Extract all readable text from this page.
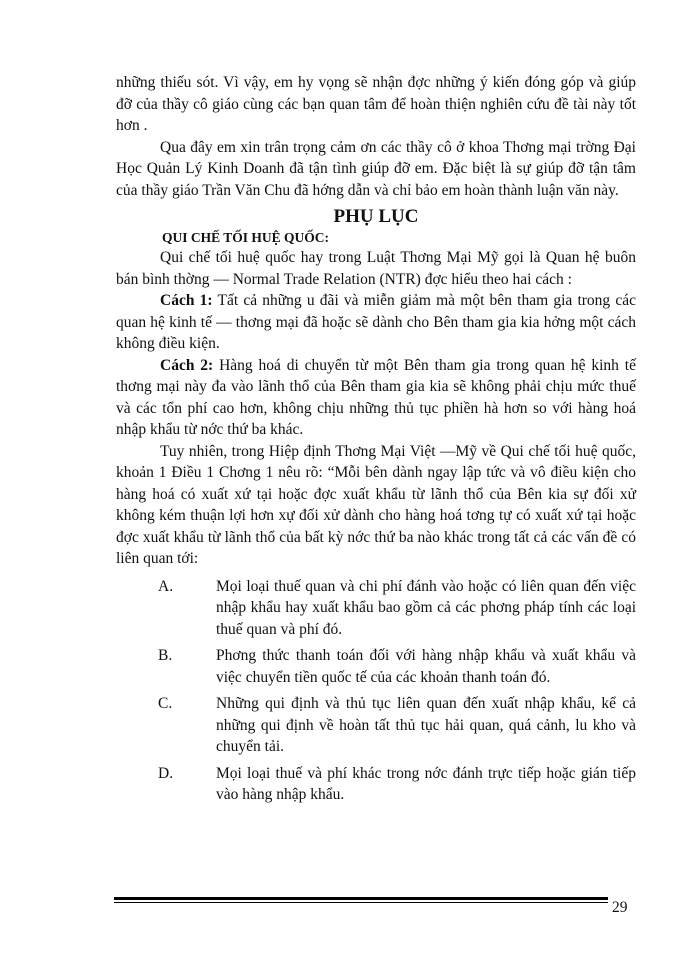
những thiếu sót. Vì vậy, em hy vọng sẽ nhận đợc những ý kiến đóng góp và giúp đỡ của thầy cô giáo cùng các bạn quan tâm để hoàn thiện nghiên cứu đề tài này tốt hơn .

Qua đây em xin trân trọng cảm ơn các thầy cô ở khoa Thơng mại trờng Đại Học Quản Lý Kinh Doanh đã tận tình giúp đỡ em. Đặc biệt là sự giúp đỡ tận tâm của thầy giáo Trần Văn Chu đã hớng dẫn và chỉ bảo em hoàn thành luận văn này.

PHỤ LỤC

QUI CHẾ TỐI HUỆ QUỐC:

Qui chế tối huệ quốc hay trong Luật Thơng Mại Mỹ gọi là Quan hệ buôn bán bình thờng — Normal Trade Relation (NTR) đợc hiểu theo hai cách :

Cách 1: Tất cả những u đãi và miễn giảm mà một bên tham gia trong các quan hệ kinh tế — thơng mại đã hoặc sẽ dành cho Bên tham gia kia hởng một cách không điều kiện.

Cách 2: Hàng hoá di chuyển từ một Bên tham gia trong quan hệ kinh tế thơng mại này đa vào lãnh thổ của Bên tham gia kia sẽ không phải chịu mức thuế và các tổn phí cao hơn, không chịu những thủ tục phiền hà hơn so với hàng hoá nhập khẩu từ nớc thứ ba khác.

Tuy nhiên, trong Hiệp định Thơng Mại Việt —Mỹ về Qui chế tối huệ quốc, khoản 1 Điều 1 Chơng 1 nêu rõ: “Mỗi bên dành ngay lập tức và vô điều kiện cho hàng hoá có xuất xứ tại hoặc đợc xuất khẩu từ lãnh thổ của Bên kia sự đối xử không kém thuận lợi hơn xự đối xử dành cho hàng hoá tơng tự có xuất xứ tại hoặc đợc xuất khẩu từ lãnh thổ của bất kỳ nớc thứ ba nào khác trong tất cả các vấn đề có liên quan tới:

A.	Mọi loại thuế quan và chi phí đánh vào hoặc có liên quan đến việc nhập khẩu hay xuất khẩu bao gồm cả các phơng pháp tính các loại thuế quan và phí đó.
B.	Phơng thức thanh toán đối với hàng nhập khẩu và xuất khẩu và việc chuyển tiền quốc tế của các khoản thanh toán đó.
C.	Những qui định và thủ tục liên quan đến xuất nhập khẩu, kể cả những qui định về hoàn tất thủ tục hải quan, quá cảnh, lu kho và chuyển tải.
D.	Mọi loại thuế và phí khác trong nớc đánh trực tiếp hoặc gián tiếp vào hàng nhập khẩu.
29
